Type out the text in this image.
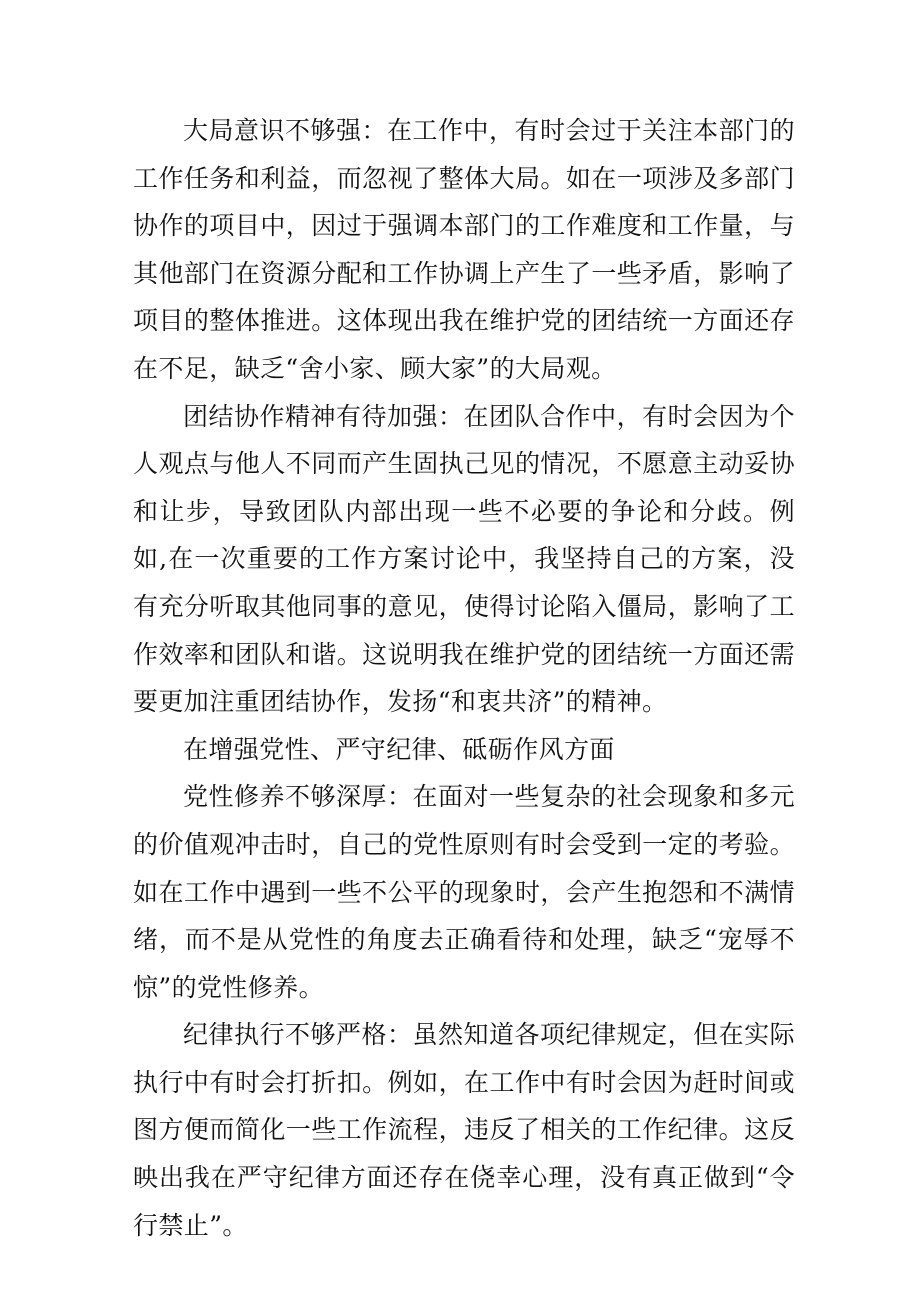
大局意识不够强：在工作中，有时会过于关注本部门的工作任务和利益，而忽视了整体大局。如在一项涉及多部门协作的项目中，因过于强调本部门的工作难度和工作量，与其他部门在资源分配和工作协调上产生了一些矛盾，影响了项目的整体推进。这体现出我在维护党的团结统一方面还存在不足，缺乏“舍小家、顾大家”的大局观。

团结协作精神有待加强：在团队合作中，有时会因为个人观点与他人不同而产生固执己见的情况，不愿意主动妥协和让步，导致团队内部出现一些不必要的争论和分歧。例如,在一次重要的工作方案讨论中，我坚持自己的方案，没有充分听取其他同事的意见，使得讨论陷入僵局，影响了工作效率和团队和谐。这说明我在维护党的团结统一方面还需要更加注重团结协作，发扬“和衷共济”的精神。

在增强党性、严守纪律、砥砺作风方面

党性修养不够深厚：在面对一些复杂的社会现象和多元的价值观冲击时，自己的党性原则有时会受到一定的考验。如在工作中遇到一些不公平的现象时，会产生抱怨和不满情绪，而不是从党性的角度去正确看待和处理，缺乏“宠辱不惊”的党性修养。

纪律执行不够严格：虽然知道各项纪律规定，但在实际执行中有时会打折扣。例如，在工作中有时会因为赶时间或图方便而简化一些工作流程，违反了相关的工作纪律。这反映出我在严守纪律方面还存在侥幸心理，没有真正做到“令行禁止”。
